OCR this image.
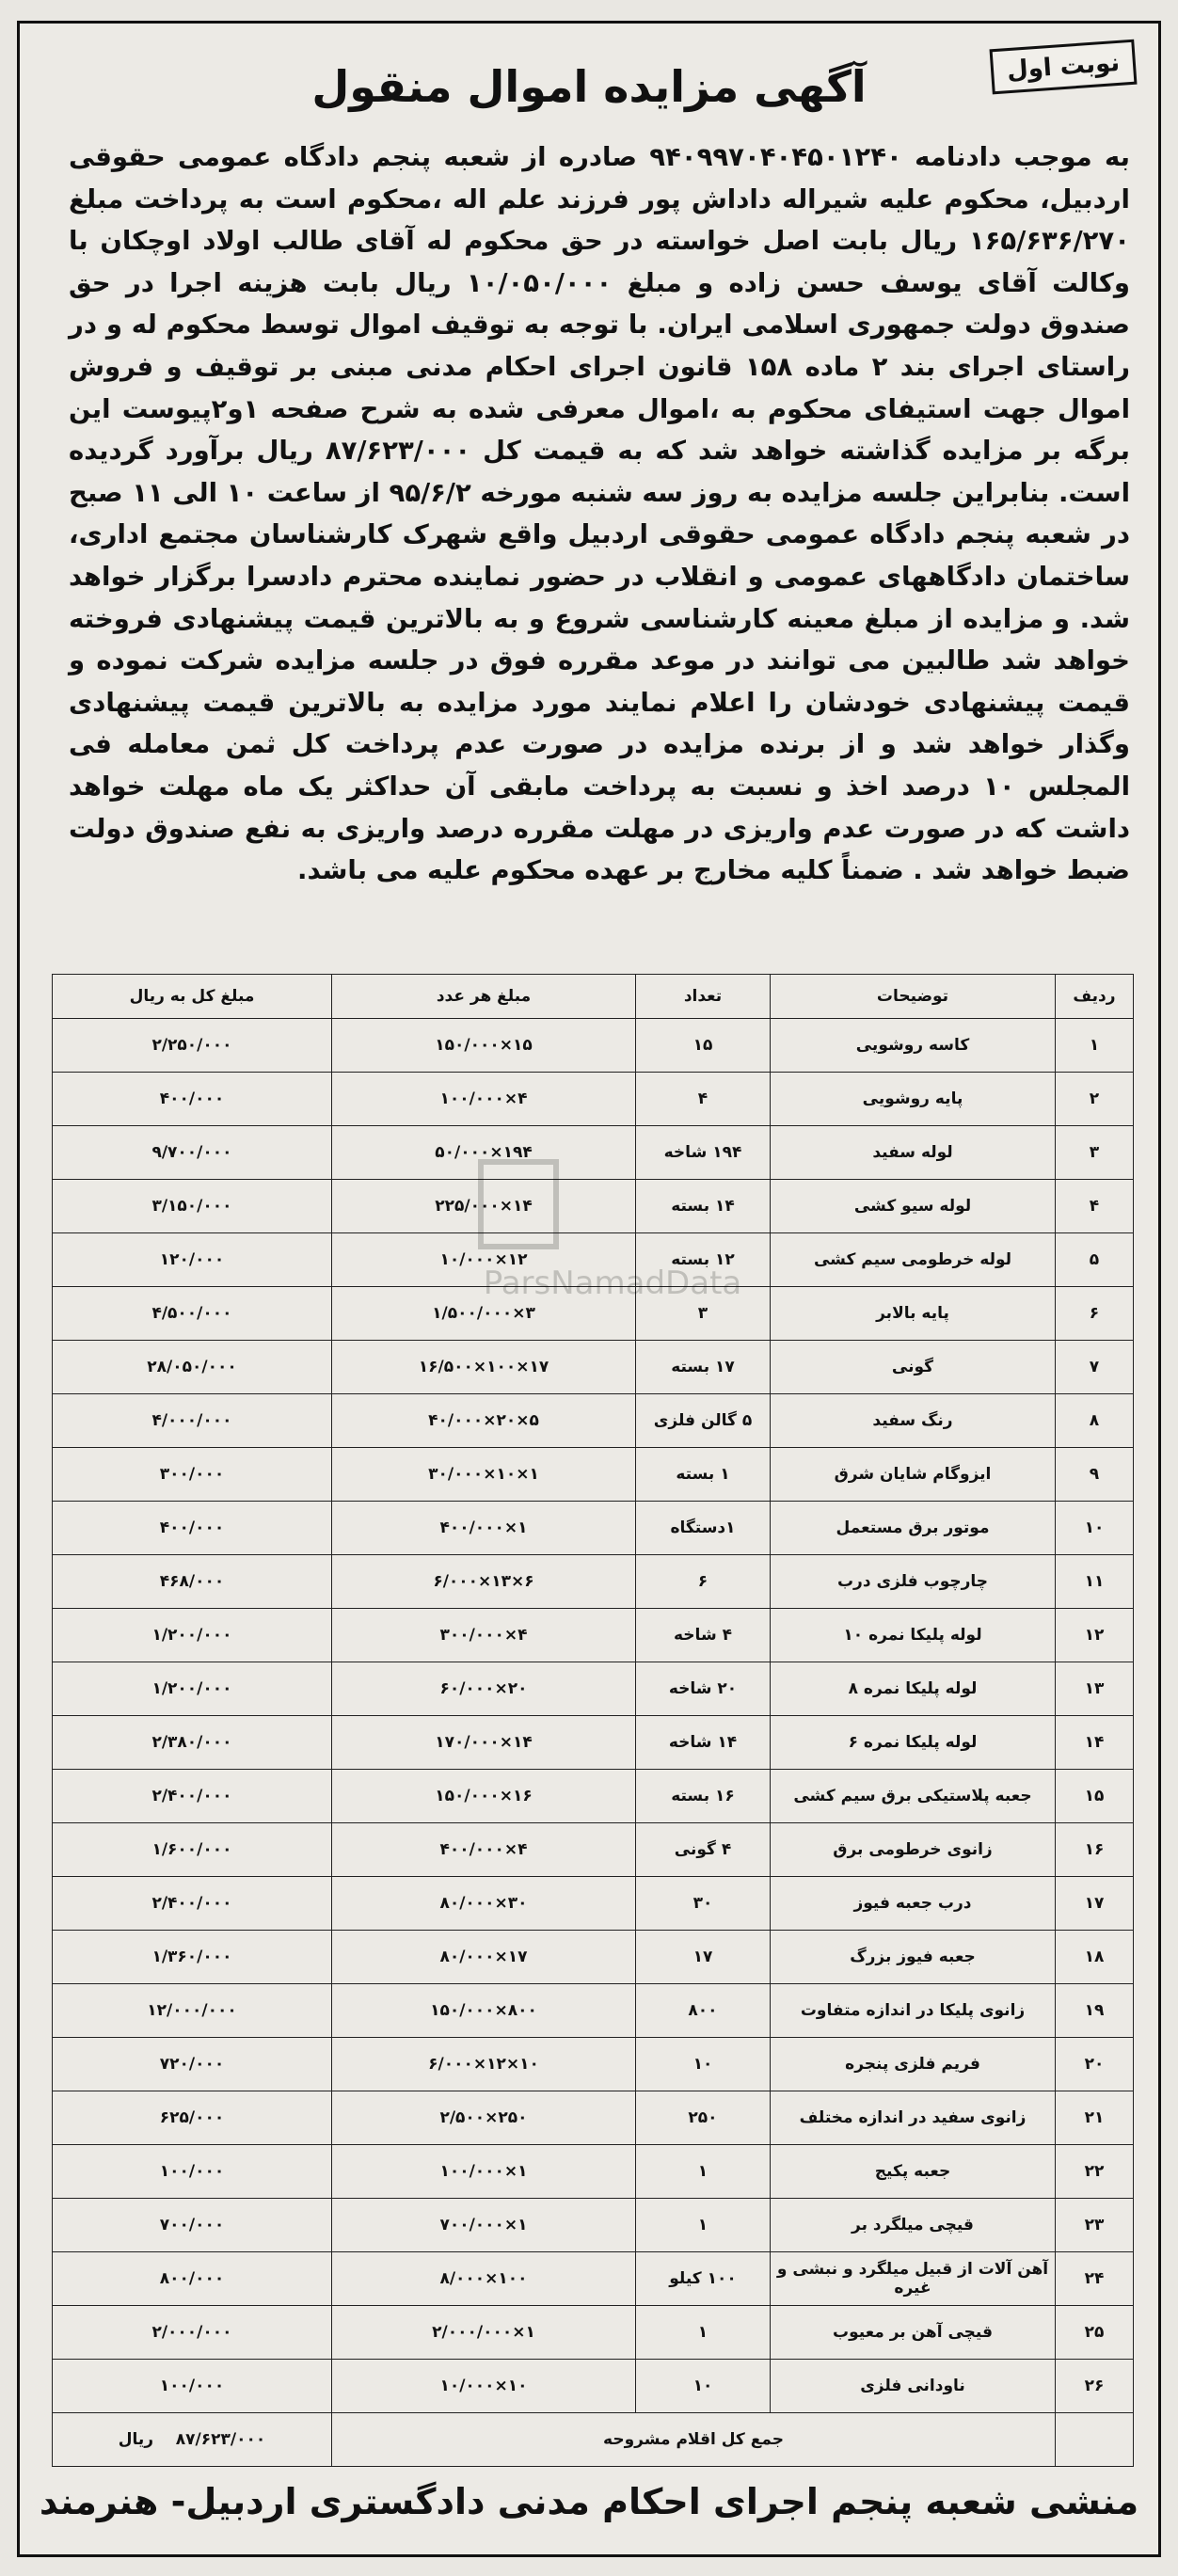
نوبت اول
آگهی مزایده اموال منقول
به موجب دادنامه ۹۴۰۹۹۷۰۴۰۴۵۰۱۲۴۰ صادره از شعبه پنجم دادگاه عمومی حقوقی اردبیل، محکوم علیه شیراله داداش پور فرزند علم اله ،محکوم است به پرداخت مبلغ ۱۶۵/۶۳۶/۲۷۰ ریال بابت اصل خواسته در حق محکوم له آقای طالب اولاد اوچکان با وکالت آقای یوسف حسن زاده و مبلغ ۱۰/۰۵۰/۰۰۰ ریال بابت هزینه اجرا در حق صندوق دولت جمهوری اسلامی ایران. با توجه به توقیف اموال توسط محکوم له و در راستای اجرای بند ۲ ماده ۱۵۸ قانون اجرای احکام مدنی مبنی بر توقیف و فروش اموال جهت استیفای محکوم به ،اموال معرفی شده به شرح صفحه ۱و۲پیوست این برگه بر مزایده گذاشته خواهد شد که به قیمت کل ۸۷/۶۲۳/۰۰۰ ریال برآورد گردیده است. بنابراین جلسه مزایده به روز سه شنبه مورخه ۹۵/۶/۲ از ساعت ۱۰ الی ۱۱ صبح در شعبه پنجم دادگاه عمومی حقوقی اردبیل واقع شهرک کارشناسان مجتمع اداری، ساختمان دادگاههای عمومی و انقلاب در حضور نماینده محترم دادسرا برگزار خواهد شد. و مزایده از مبلغ معینه کارشناسی شروع و به بالاترین قیمت پیشنهادی فروخته خواهد شد طالبین می توانند در موعد مقرره فوق در جلسه مزایده شرکت نموده و قیمت پیشنهادی خودشان را اعلام نمایند مورد مزایده به بالاترین قیمت پیشنهادی وگذار خواهد شد و از برنده مزایده در صورت عدم پرداخت کل ثمن معامله فی المجلس ۱۰ درصد اخذ و نسبت به پرداخت مابقی آن حداکثر یک ماه مهلت خواهد داشت که در صورت عدم واریزی در مهلت مقرره درصد واریزی به نفع صندوق دولت ضبط خواهد شد . ضمناً کلیه مخارج بر عهده محکوم علیه می باشد.
ردیف	توضیحات	تعداد	مبلغ هر عدد	مبلغ کل به ریال
۱	کاسه روشویی	۱۵	۱۵×۱۵۰/۰۰۰	۲/۲۵۰/۰۰۰
۲	پایه روشویی	۴	۴×۱۰۰/۰۰۰	۴۰۰/۰۰۰
۳	لوله سفید	۱۹۴ شاخه	۱۹۴×۵۰/۰۰۰	۹/۷۰۰/۰۰۰
۴	لوله سیو کشی	۱۴ بسته	۱۴×۲۲۵/۰۰۰	۳/۱۵۰/۰۰۰
۵	لوله خرطومی سیم کشی	۱۲ بسته	۱۲×۱۰/۰۰۰	۱۲۰/۰۰۰
۶	پایه بالابر	۳	۳×۱/۵۰۰/۰۰۰	۴/۵۰۰/۰۰۰
۷	گونی	۱۷ بسته	۱۷×۱۰۰×۱۶/۵۰۰	۲۸/۰۵۰/۰۰۰
۸	رنگ سفید	۵ گالن فلزی	۵×۲۰×۴۰/۰۰۰	۴/۰۰۰/۰۰۰
۹	ایزوگام شایان شرق	۱ بسته	۱×۱۰×۳۰/۰۰۰	۳۰۰/۰۰۰
۱۰	موتور برق مستعمل	۱دستگاه	۱×۴۰۰/۰۰۰	۴۰۰/۰۰۰
۱۱	چارچوب فلزی درب	۶	۶×۱۳×۶/۰۰۰	۴۶۸/۰۰۰
۱۲	لوله پلیکا نمره ۱۰	۴ شاخه	۴×۳۰۰/۰۰۰	۱/۲۰۰/۰۰۰
۱۳	لوله پلیکا نمره ۸	۲۰ شاخه	۲۰×۶۰/۰۰۰	۱/۲۰۰/۰۰۰
۱۴	لوله پلیکا نمره ۶	۱۴ شاخه	۱۴×۱۷۰/۰۰۰	۲/۳۸۰/۰۰۰
۱۵	جعبه پلاستیکی برق سیم کشی	۱۶ بسته	۱۶×۱۵۰/۰۰۰	۲/۴۰۰/۰۰۰
۱۶	زانوی خرطومی برق	۴ گونی	۴×۴۰۰/۰۰۰	۱/۶۰۰/۰۰۰
۱۷	درب جعبه فیوز	۳۰	۳۰×۸۰/۰۰۰	۲/۴۰۰/۰۰۰
۱۸	جعبه فیوز بزرگ	۱۷	۱۷×۸۰/۰۰۰	۱/۳۶۰/۰۰۰
۱۹	زانوی پلیکا در اندازه متفاوت	۸۰۰	۸۰۰×۱۵۰/۰۰۰	۱۲/۰۰۰/۰۰۰
۲۰	فریم فلزی پنجره	۱۰	۱۰×۱۲×۶/۰۰۰	۷۲۰/۰۰۰
۲۱	زانوی سفید در اندازه مختلف	۲۵۰	۲۵۰×۲/۵۰۰	۶۲۵/۰۰۰
۲۲	جعبه پکیج	۱	۱×۱۰۰/۰۰۰	۱۰۰/۰۰۰
۲۳	قیچی میلگرد بر	۱	۱×۷۰۰/۰۰۰	۷۰۰/۰۰۰
۲۴	آهن آلات از قبیل میلگرد و نبشی و غیره	۱۰۰ کیلو	۱۰۰×۸/۰۰۰	۸۰۰/۰۰۰
۲۵	قیچی آهن بر معیوب	۱	۱×۲/۰۰۰/۰۰۰	۲/۰۰۰/۰۰۰
۲۶	ناودانی فلزی	۱۰	۱۰×۱۰/۰۰۰	۱۰۰/۰۰۰
	جمع کل اقلام مشروحه			۸۷/۶۲۳/۰۰۰    ریال
ParsNamadData
منشی شعبه پنجم اجرای احکام مدنی دادگستری اردبیل- هنرمند
